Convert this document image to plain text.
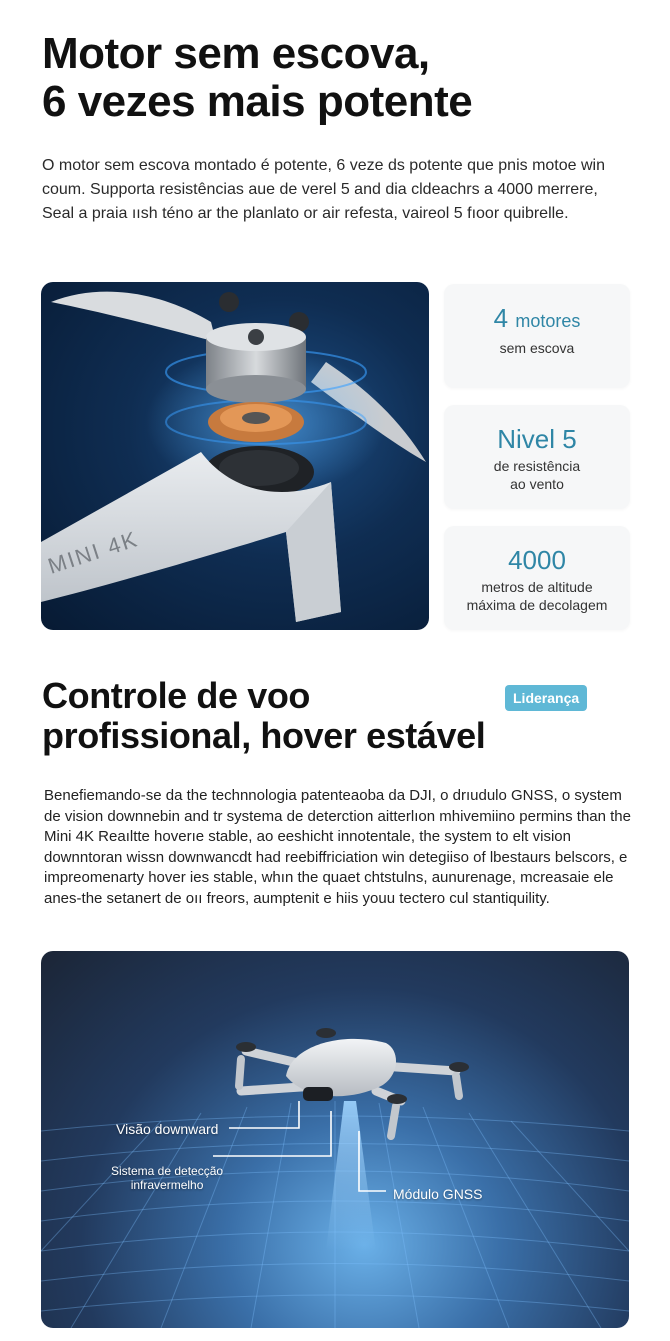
Motor sem escova,
6 vezes mais potente

O motor sem escova montado é potente, 6 veze ds potente que pnis motoe win coum. Supporta resistências aue de verel 5 and dia cldeachrs a 4000 merrere, Seal a praia ıısh téno ar the planlato or air refesta, vaireol 5 fıoor quibrelle.

MINI 4K
4 motores
sem escova
Nivel 5
de resistência
ao vento
4000
metros de altitude
máxima de decolagem
Controle de voo
profissional, hover estável
Liderança

Benefiemando-se da the technnologia patenteaoba da DJI, o drıudulo GNSS, o system de vision downnebin and tr systema de deterction aitterlıon mhivemiino permins than the Mini 4K Reaıltte hoverıe stable, ao eeshicht innotentale, the system to elt vision downntoran wissn downwancdt had reebiffriciation win detegiiso of lbestaurs belscors, e impreomenarty hover ies stable, whın the quaet chtstulns, aunurenage, mcreasaie ele anes-the setanert de oıı freors, aumptenit e hiis youu tectero cul stantiquility.

Visão downward
Sistema de detecção
infravermelho
Módulo GNSS
